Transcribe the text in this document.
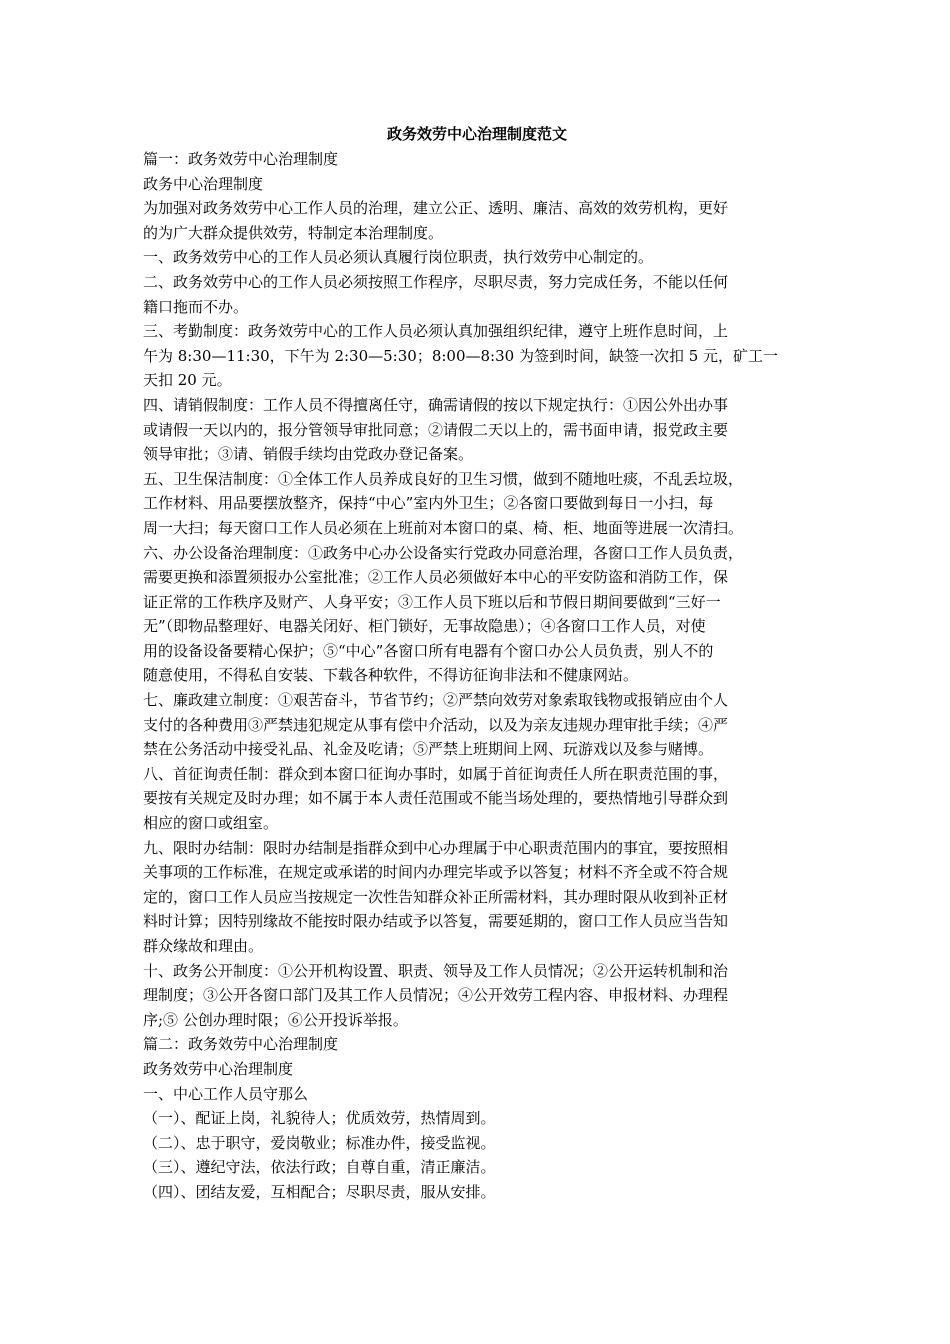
政务效劳中心治理制度范文

篇一：政务效劳中心治理制度

政务中心治理制度

为加强对政务效劳中心工作人员的治理，建立公正、透明、廉洁、高效的效劳机构，更好

的为广大群众提供效劳，特制定本治理制度。

一、政务效劳中心的工作人员必须认真履行岗位职责，执行效劳中心制定的。

二、政务效劳中心的工作人员必须按照工作程序，尽职尽责，努力完成任务，不能以任何

籍口拖而不办。

三、考勤制度：政务效劳中心的工作人员必须认真加强组织纪律，遵守上班作息时间，上

午为 8:30—11:30，下午为 2:30—5:30；8:00—8:30 为签到时间，缺签一次扣 5 元，矿工一

天扣 20 元。

四、请销假制度：工作人员不得擅离任守，确需请假的按以下规定执行：①因公外出办事

或请假一天以内的，报分管领导审批同意；②请假二天以上的，需书面申请，报党政主要

领导审批；③请、销假手续均由党政办登记备案。

五、卫生保洁制度：①全体工作人员养成良好的卫生习惯，做到不随地吐痰，不乱丢垃圾，

工作材料、用品要摆放整齐，保持“中心”室内外卫生；②各窗口要做到每日一小扫，每

周一大扫；每天窗口工作人员必须在上班前对本窗口的桌、椅、柜、地面等进展一次清扫。

六、办公设备治理制度：①政务中心办公设备实行党政办同意治理，各窗口工作人员负责，

需要更换和添置须报办公室批准；②工作人员必须做好本中心的平安防盗和消防工作，保

证正常的工作秩序及财产、人身平安；③工作人员下班以后和节假日期间要做到“三好一

无”（即物品整理好、电器关闭好、柜门锁好，无事故隐患）；④各窗口工作人员，对使

用的设备设备要精心保护；⑤“中心”各窗口所有电器有个窗口办公人员负责，别人不的

随意使用，不得私自安装、下载各种软件，不得访征询非法和不健康网站。

七、廉政建立制度：①艰苦奋斗，节省节约；②严禁向效劳对象索取钱物或报销应由个人

支付的各种费用③严禁违犯规定从事有偿中介活动，以及为亲友违规办理审批手续；④严

禁在公务活动中接受礼品、礼金及吃请；⑤严禁上班期间上网、玩游戏以及参与赌博。

八、首征询责任制：群众到本窗口征询办事时，如属于首征询责任人所在职责范围的事，

要按有关规定及时办理；如不属于本人责任范围或不能当场处理的，要热情地引导群众到

相应的窗口或组室。

九、限时办结制：限时办结制是指群众到中心办理属于中心职责范围内的事宜，要按照相

关事项的工作标准，在规定或承诺的时间内办理完毕或予以答复；材料不齐全或不符合规

定的，窗口工作人员应当按规定一次性告知群众补正所需材料，其办理时限从收到补正材

料时计算；因特别缘故不能按时限办结或予以答复，需要延期的，窗口工作人员应当告知

群众缘故和理由。

十、政务公开制度：①公开机构设置、职责、领导及工作人员情况；②公开运转机制和治

理制度；③公开各窗口部门及其工作人员情况；④公开效劳工程内容、申报材料、办理程

序;⑤ 公创办理时限；⑥公开投诉举报。

篇二：政务效劳中心治理制度

政务效劳中心治理制度

一、中心工作人员守那么

（一）、配证上岗，礼貌待人；优质效劳，热情周到。

（二）、忠于职守，爱岗敬业；标准办件，接受监视。

（三）、遵纪守法，依法行政；自尊自重，清正廉洁。

（四）、团结友爱，互相配合；尽职尽责，服从安排。
